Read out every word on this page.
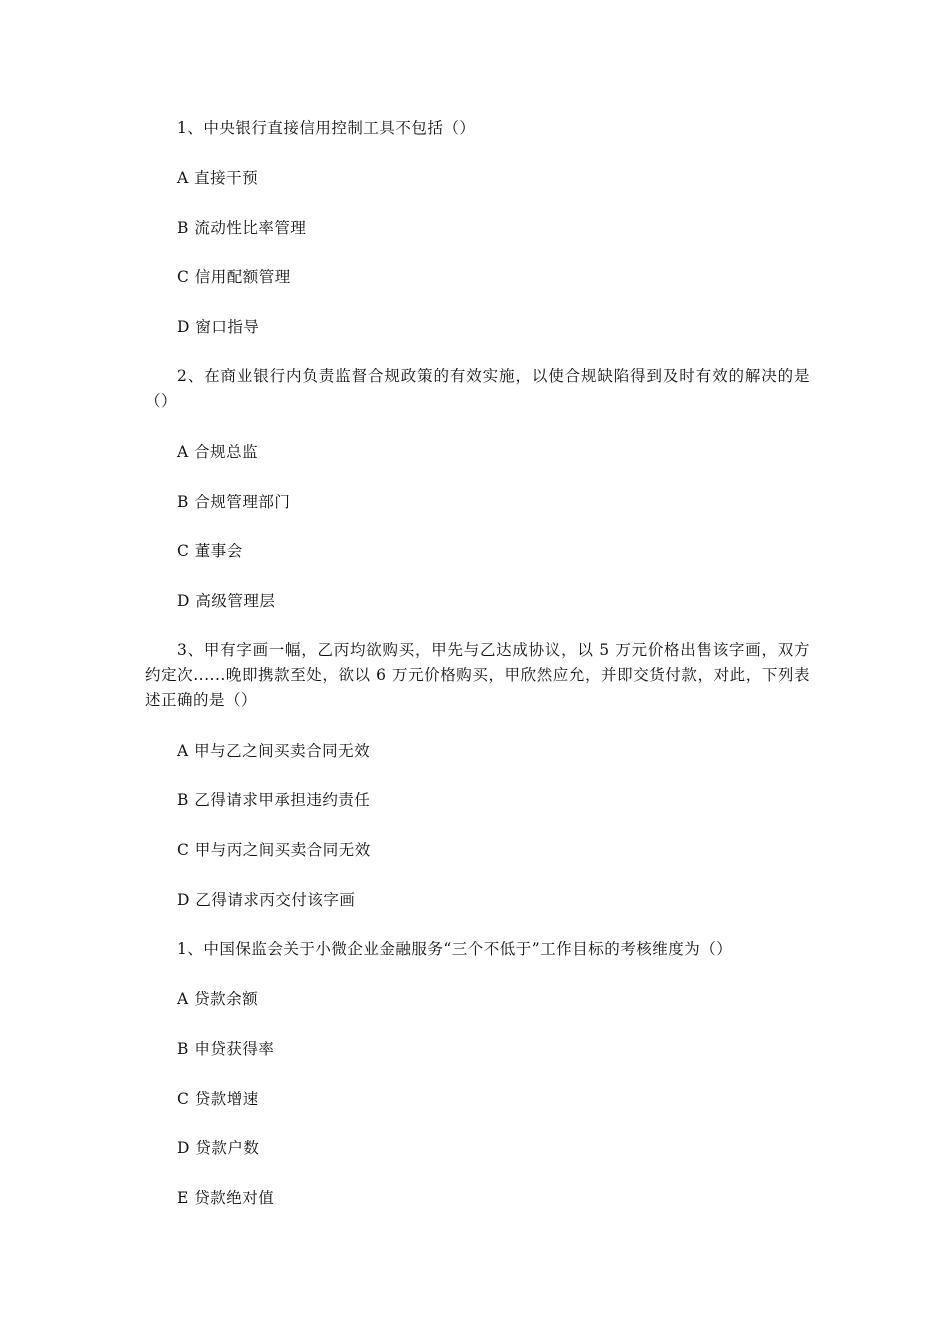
1、中央银行直接信用控制工具不包括（）
A 直接干预
B 流动性比率管理
C 信用配额管理
D 窗口指导
2、在商业银行内负责监督合规政策的有效实施，以使合规缺陷得到及时有效的解决的是（）
A 合规总监
B 合规管理部门
C 董事会
D 高级管理层
3、甲有字画一幅，乙丙均欲购买，甲先与乙达成协议，以 5 万元价格出售该字画，双方约定次......晚即携款至处，欲以 6 万元价格购买，甲欣然应允，并即交货付款，对此，下列表述正确的是（）
A 甲与乙之间买卖合同无效
B 乙得请求甲承担违约责任
C 甲与丙之间买卖合同无效
D 乙得请求丙交付该字画
1、中国保监会关于小微企业金融服务“三个不低于”工作目标的考核维度为（）
A 贷款余额
B 申贷获得率
C 贷款增速
D 贷款户数
E 贷款绝对值
